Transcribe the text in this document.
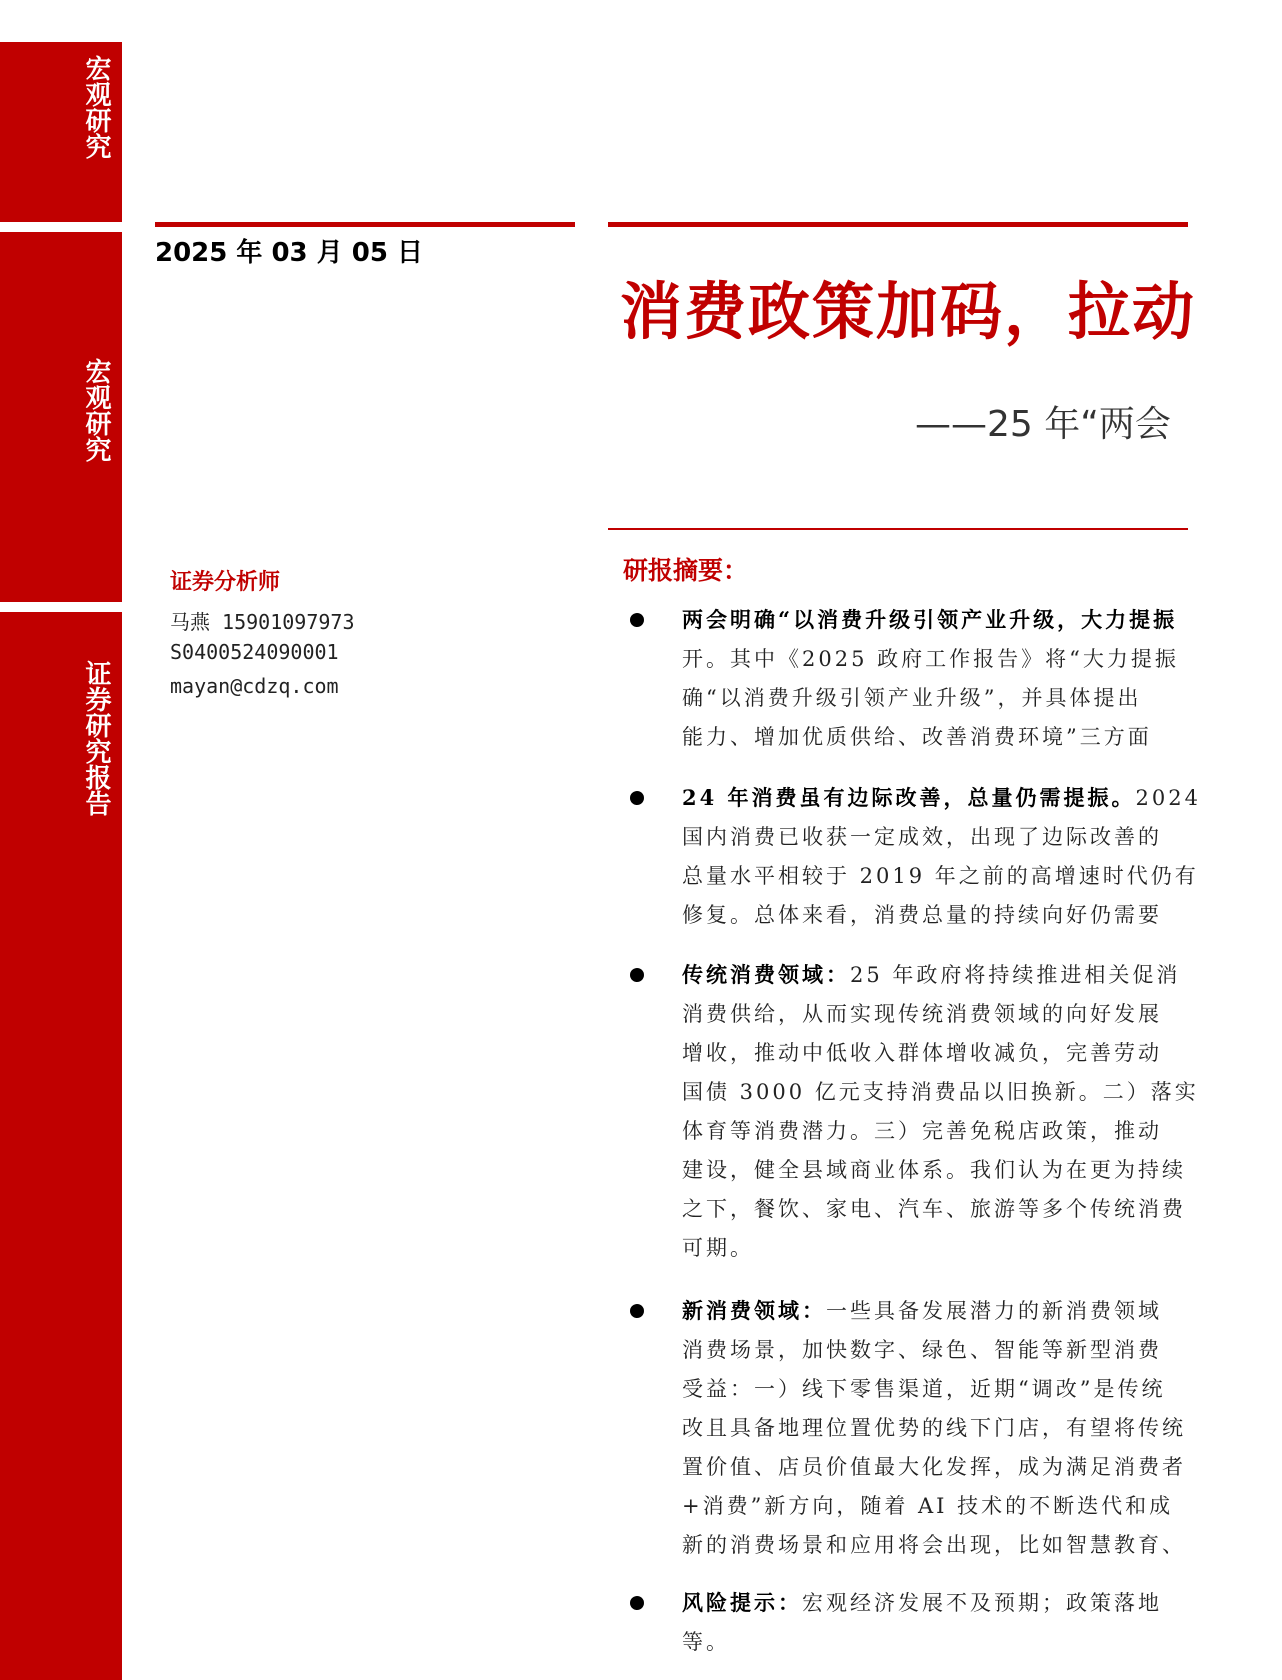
宏观研究
宏观研究
证券研究报告
2025 年 03 月 05 日
消费政策加码，拉动
——25 年“两会
证券分析师
马燕 15901097973
S0400524090001
mayan@cdzq.com
研报摘要：
两会明确“以消费升级引领产业升级，大力提振
开。其中《2025 政府工作报告》将“大力提振
确“以消费升级引领产业升级”，并具体提出
能力、增加优质供给、改善消费环境”三方面
24 年消费虽有边际改善，总量仍需提振。2024
国内消费已收获一定成效，出现了边际改善的
总量水平相较于 2019 年之前的高增速时代仍有
修复。总体来看，消费总量的持续向好仍需要
传统消费领域：25 年政府将持续推进相关促消
消费供给，从而实现传统消费领域的向好发展
增收，推动中低收入群体增收减负，完善劳动
国债 3000 亿元支持消费品以旧换新。二）落实
体育等消费潜力。三）完善免税店政策，推动
建设，健全县域商业体系。我们认为在更为持续
之下，餐饮、家电、汽车、旅游等多个传统消费
可期。
新消费领域：一些具备发展潜力的新消费领域
消费场景，加快数字、绿色、智能等新型消费
受益：一）线下零售渠道，近期“调改”是传统
改且具备地理位置优势的线下门店，有望将传统
置价值、店员价值最大化发挥，成为满足消费者
+消费”新方向，随着 AI 技术的不断迭代和成
新的消费场景和应用将会出现，比如智慧教育、
风险提示：宏观经济发展不及预期；政策落地
等。
